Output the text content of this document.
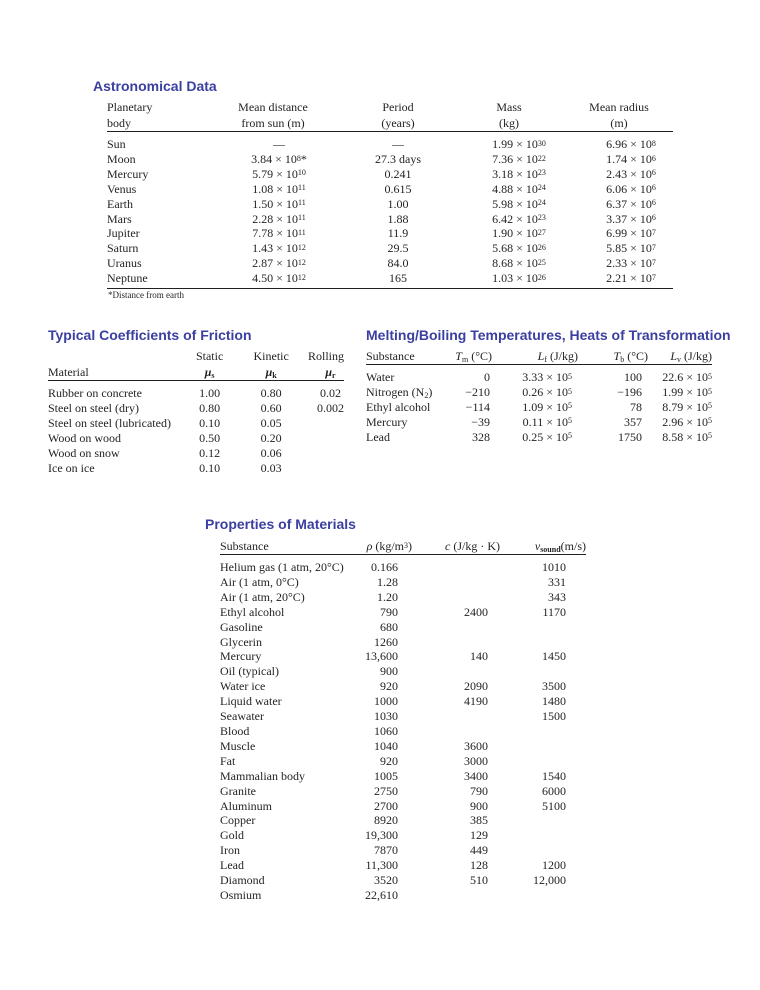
Astronomical Data
Planetary	Mean distance	Period	Mass	Mean radius
body	from sun (m)	(years)	(kg)	(m)

Sun	—	—	$1.99 \times 10^{30}$	$6.96 \times 10^8$
Moon	$3.84 \times 10^8*$	27.3 days	$7.36 \times 10^{22}$	$1.74 \times 10^6$
Mercury	$5.79 \times 10^{10}$	0.241	$3.18 \times 10^{23}$	$2.43 \times 10^6$
Venus	$1.08 \times 10^{11}$	0.615	$4.88 \times 10^{24}$	$6.06 \times 10^6$
Earth	$1.50 \times 10^{11}$	1.00	$5.98 \times 10^{24}$	$6.37 \times 10^6$
Mars	$2.28 \times 10^{11}$	1.88	$6.42 \times 10^{23}$	$3.37 \times 10^6$
Jupiter	$7.78 \times 10^{11}$	11.9	$1.90 \times 10^{27}$	$6.99 \times 10^7$
Saturn	$1.43 \times 10^{12}$	29.5	$5.68 \times 10^{26}$	$5.85 \times 10^7$
Uranus	$2.87 \times 10^{12}$	84.0	$8.68 \times 10^{25}$	$2.33 \times 10^7$
Neptune	$4.50 \times 10^{12}$	165	$1.03 \times 10^{26}$	$2.21 \times 10^7$

*Distance from earth
Typical Coefficients of Friction
	Static	Kinetic	Rolling
Material	$\mu_s$	$\mu_k$	$\mu_r$

Rubber on concrete	1.00	0.80	0.02
Steel on steel (dry)	0.80	0.60	0.002
Steel on steel (lubricated)	0.10	0.05	
Wood on wood	0.50	0.20	
Wood on snow	0.12	0.06	
Ice on ice	0.10	0.03	
Melting/Boiling Temperatures, Heats of Transformation
Substance	$T_m$ (°C)	$L_f$ (J/kg)	$T_b$ (°C)	$L_v$ (J/kg)

Water	0	$3.33 \times 10^5$	100	$22.6 \times 10^5$
Nitrogen $(N_2)$	−210	$0.26 \times 10^5$	−196	$1.99 \times 10^5$
Ethyl alcohol	−114	$1.09 \times 10^5$	78	$8.79 \times 10^5$
Mercury	−39	$0.11 \times 10^5$	357	$2.96 \times 10^5$
Lead	328	$0.25 \times 10^5$	1750	$8.58 \times 10^5$
Properties of Materials
Substance	ρ $(kg/m^3)$	c (J/kg · K)	$v_{sound}(m/s)$

Helium gas (1 atm, 20°C)	0.166		1010
Air (1 atm, 0°C)	1.28		331
Air (1 atm, 20°C)	1.20		343
Ethyl alcohol	790	2400	1170
Gasoline	680		
Glycerin	1260		
Mercury	13,600	140	1450
Oil (typical)	900		
Water ice	920	2090	3500
Liquid water	1000	4190	1480
Seawater	1030		1500
Blood	1060		
Muscle	1040	3600	
Fat	920	3000	
Mammalian body	1005	3400	1540
Granite	2750	790	6000
Aluminum	2700	900	5100
Copper	8920	385	
Gold	19,300	129	
Iron	7870	449	
Lead	11,300	128	1200
Diamond	3520	510	12,000
Osmium	22,610		
